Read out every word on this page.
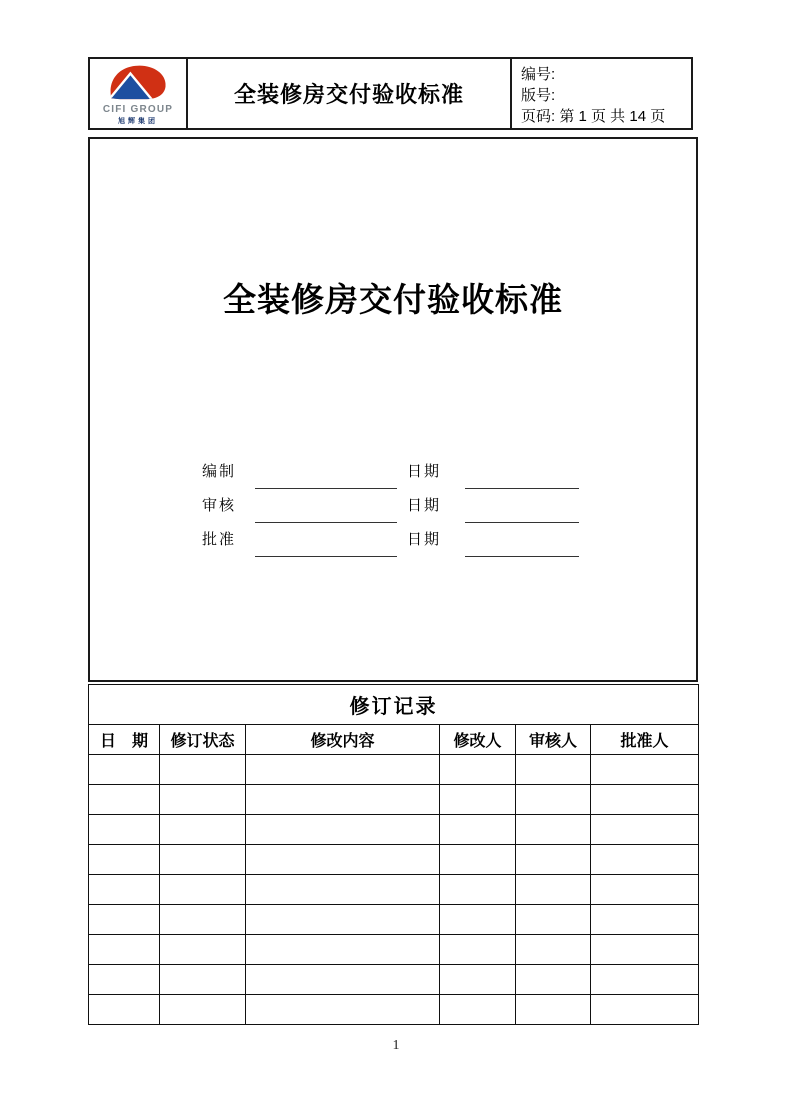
CIFI GROUP
旭辉集团
全装修房交付验收标准
编号:
版号:
页码: 第 1 页 共 14 页
全装修房交付验收标准
编制	日期
审核	日期
批准	日期
修订记录					
日　期	修订状态	修改内容	修改人	审核人	批准人

1
